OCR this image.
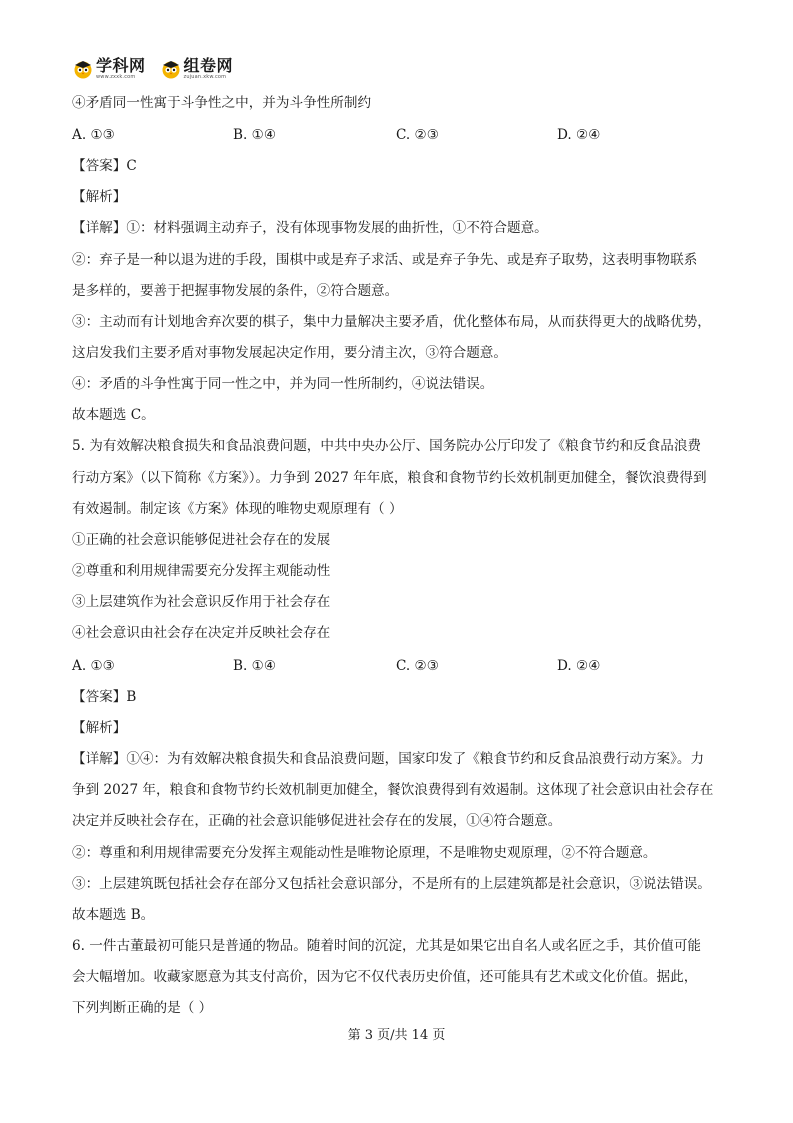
学科网
www.zxxk.com
组卷网
zujuan.xkw.com
④矛盾同一性寓于斗争性之中，并为斗争性所制约
A. ①③	B. ①④	C. ②③	D. ②④
【答案】C
【解析】
【详解】①：材料强调主动弃子，没有体现事物发展的曲折性，①不符合题意。
②：弃子是一种以退为进的手段，围棋中或是弃子求活、或是弃子争先、或是弃子取势，这表明事物联系
是多样的，要善于把握事物发展的条件，②符合题意。
③：主动而有计划地舍弃次要的棋子，集中力量解决主要矛盾，优化整体布局，从而获得更大的战略优势，
这启发我们主要矛盾对事物发展起决定作用，要分清主次，③符合题意。
④：矛盾的斗争性寓于同一性之中，并为同一性所制约，④说法错误。
故本题选 C。
5. 为有效解决粮食损失和食品浪费问题，中共中央办公厅、国务院办公厅印发了《粮食节约和反食品浪费
行动方案》（以下简称《方案》）。力争到 2027 年年底，粮食和食物节约长效机制更加健全，餐饮浪费得到
有效遏制。制定该《方案》体现的唯物史观原理有（ ）
①正确的社会意识能够促进社会存在的发展
②尊重和利用规律需要充分发挥主观能动性
③上层建筑作为社会意识反作用于社会存在
④社会意识由社会存在决定并反映社会存在
A. ①③	B. ①④	C. ②③	D. ②④
【答案】B
【解析】
【详解】①④：为有效解决粮食损失和食品浪费问题，国家印发了《粮食节约和反食品浪费行动方案》。力
争到 2027 年，粮食和食物节约长效机制更加健全，餐饮浪费得到有效遏制。这体现了社会意识由社会存在
决定并反映社会存在，正确的社会意识能够促进社会存在的发展，①④符合题意。
②：尊重和利用规律需要充分发挥主观能动性是唯物论原理，不是唯物史观原理，②不符合题意。
③：上层建筑既包括社会存在部分又包括社会意识部分，不是所有的上层建筑都是社会意识，③说法错误。
故本题选 B。
6. 一件古董最初可能只是普通的物品。随着时间的沉淀，尤其是如果它出自名人或名匠之手，其价值可能
会大幅增加。收藏家愿意为其支付高价，因为它不仅代表历史价值，还可能具有艺术或文化价值。据此，
下列判断正确的是（ ）
第 3 页/共 14 页
